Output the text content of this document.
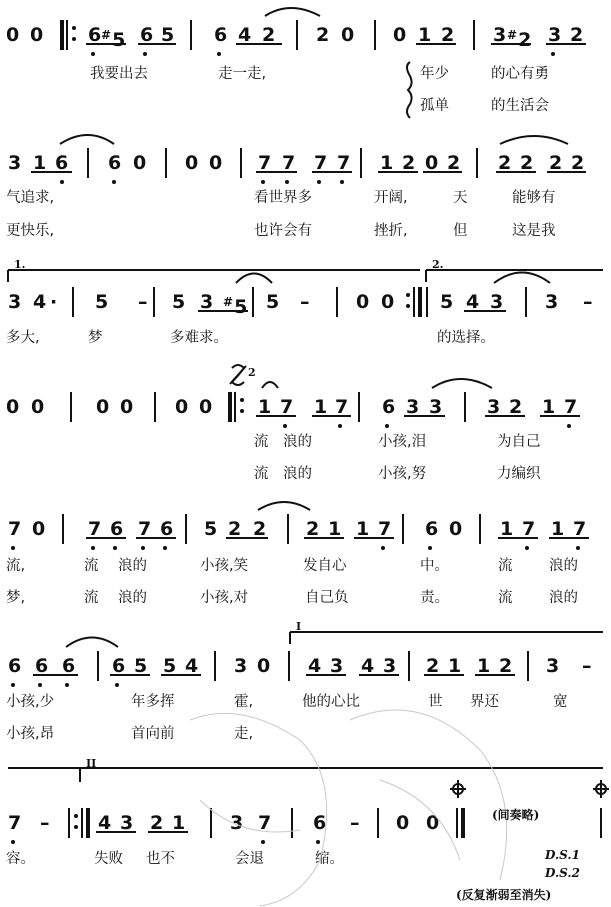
0 0 6 #5 6 5 6 4 2 2 0 0 1 2 3 #2 3 2
我要出去	走一走,	年少	的心有勇
孤单	的生活会
3 1 6 6 0 0 0 7 7 7 7 1 2 0 2 2 2 2 2
气追求,	看世界多	开阔,	天	能够有
更快乐,	也许会有	挫折,	但	这是我
3 4 · 5 – 5 3 #5 5 – 0 0 5 4 3 3 –
多大,	梦	多难求。	的选择。
0 0	0 0 0 0 1 7 1 7 6 3 3 3 2 1 7
流 浪的	小孩,泪	为自己
流 浪的	小孩,努	力编织
7 0 7 6 7 6 5 2 2 2 1 1 7 6 0 1 7 1 7
流,	流 浪的	小孩,笑	发自心	中。	流	浪的
梦,	流 浪的	小孩,对	自己负	责。	流	浪的
6 6 6 6 5 5 4 3 0 4 3 4 3 2 1 1 2 3 –
小孩,少	年多挥	霍,	他的心比	世 界还	宽
小孩,昂	首向前	走,
7 –	4 3 2 1 3 7 6 – 0 0
容。	失败 也不	会退	缩。
1.	2.
I
II
2
(间奏略)
D.S.1
D.S.2
(反复渐弱至消失)
